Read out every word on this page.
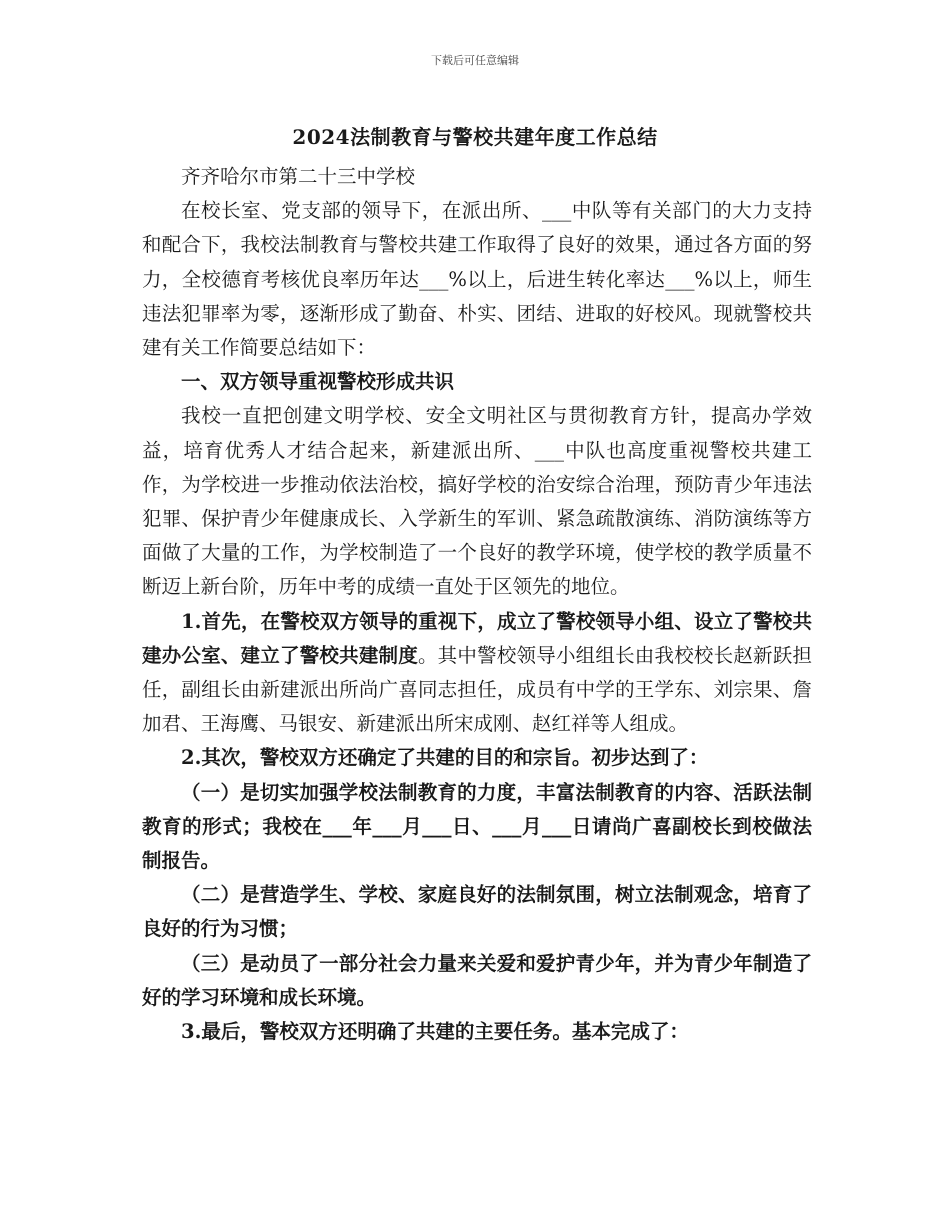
下载后可任意编辑
2024法制教育与警校共建年度工作总结

齐齐哈尔市第二十三中学校

在校长室、党支部的领导下，在派出所、___中队等有关部门的大力支持和配合下，我校法制教育与警校共建工作取得了良好的效果，通过各方面的努力，全校德育考核优良率历年达___%以上，后进生转化率达___%以上，师生违法犯罪率为零，逐渐形成了勤奋、朴实、团结、进取的好校风。现就警校共建有关工作简要总结如下：

一、双方领导重视警校形成共识

我校一直把创建文明学校、安全文明社区与贯彻教育方针，提高办学效益，培育优秀人才结合起来，新建派出所、___中队也高度重视警校共建工作，为学校进一步推动依法治校，搞好学校的治安综合治理，预防青少年违法犯罪、保护青少年健康成长、入学新生的军训、紧急疏散演练、消防演练等方面做了大量的工作，为学校制造了一个良好的教学环境，使学校的教学质量不断迈上新台阶，历年中考的成绩一直处于区领先的地位。

1.首先，在警校双方领导的重视下，成立了警校领导小组、设立了警校共建办公室、建立了警校共建制度。其中警校领导小组组长由我校校长赵新跃担任，副组长由新建派出所尚广喜同志担任，成员有中学的王学东、刘宗果、詹加君、王海鹰、马银安、新建派出所宋成刚、赵红祥等人组成。

2.其次，警校双方还确定了共建的目的和宗旨。初步达到了：

（一）是切实加强学校法制教育的力度，丰富法制教育的内容、活跃法制教育的形式；我校在___年___月___日、___月___日请尚广喜副校长到校做法制报告。

（二）是营造学生、学校、家庭良好的法制氛围，树立法制观念，培育了良好的行为习惯；

（三）是动员了一部分社会力量来关爱和爱护青少年，并为青少年制造了好的学习环境和成长环境。

3.最后，警校双方还明确了共建的主要任务。基本完成了：
